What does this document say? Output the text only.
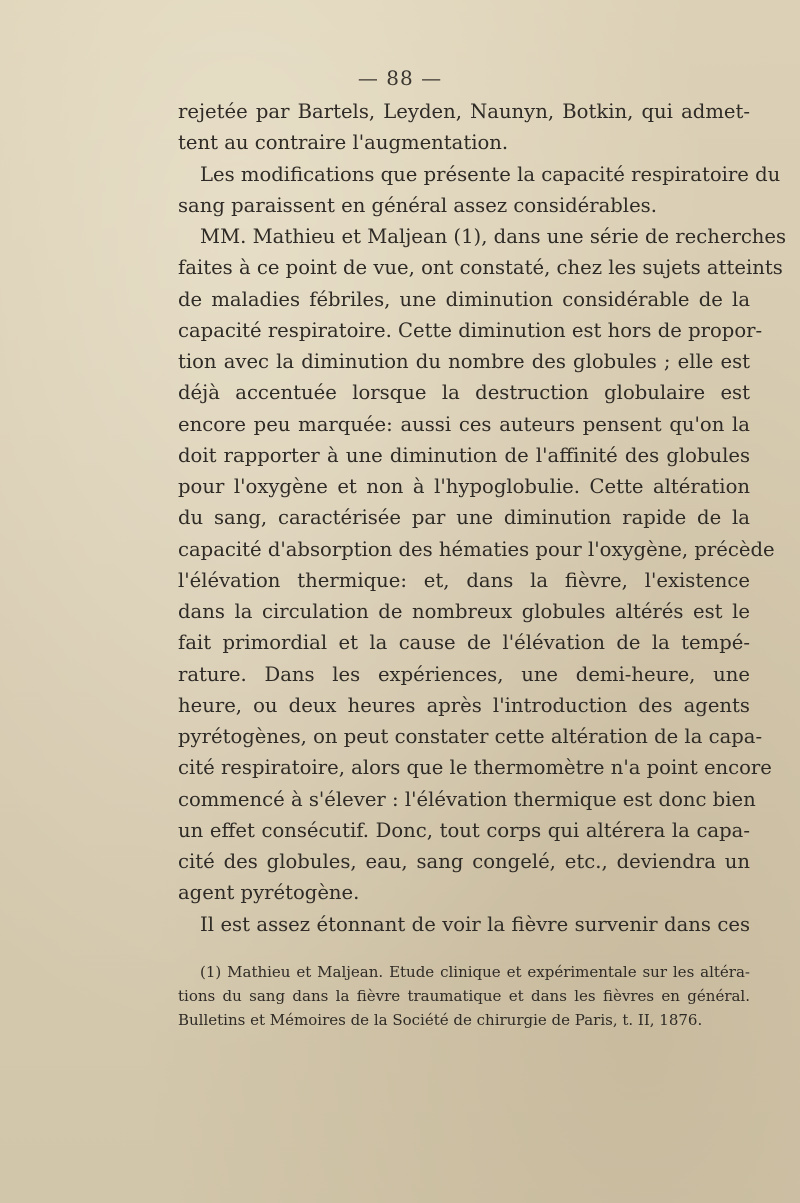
— 88 —
rejetée par Bartels, Leyden, Naunyn, Botkin, qui admet-
tent au contraire l'augmentation.
Les modifications que présente la capacité respiratoire du
sang paraissent en général assez considérables.
MM. Mathieu et Maljean (1), dans une série de recherches
faites à ce point de vue, ont constaté, chez les sujets atteints
de maladies fébriles, une diminution considérable de la
capacité respiratoire. Cette diminution est hors de propor-
tion avec la diminution du nombre des globules ; elle est
déjà accentuée lorsque la destruction globulaire est
encore peu marquée: aussi ces auteurs pensent qu'on la
doit rapporter à une diminution de l'affinité des globules
pour l'oxygène et non à l'hypoglobulie. Cette altération
du sang, caractérisée par une diminution rapide de la
capacité d'absorption des hématies pour l'oxygène, précède
l'élévation thermique: et, dans la fièvre, l'existence
dans la circulation de nombreux globules altérés est le
fait primordial et la cause de l'élévation de la tempé-
rature. Dans les expériences, une demi-heure, une
heure, ou deux heures après l'introduction des agents
pyrétogènes, on peut constater cette altération de la capa-
cité respiratoire, alors que le thermomètre n'a point encore
commencé à s'élever : l'élévation thermique est donc bien
un effet consécutif. Donc, tout corps qui altérera la capa-
cité des globules, eau, sang congelé, etc., deviendra un
agent pyrétogène.
Il est assez étonnant de voir la fièvre survenir dans ces
(1) Mathieu et Maljean. Etude clinique et expérimentale sur les altéra-
tions du sang dans la fièvre traumatique et dans les fièvres en général.
Bulletins et Mémoires de la Société de chirurgie de Paris, t. II, 1876.
